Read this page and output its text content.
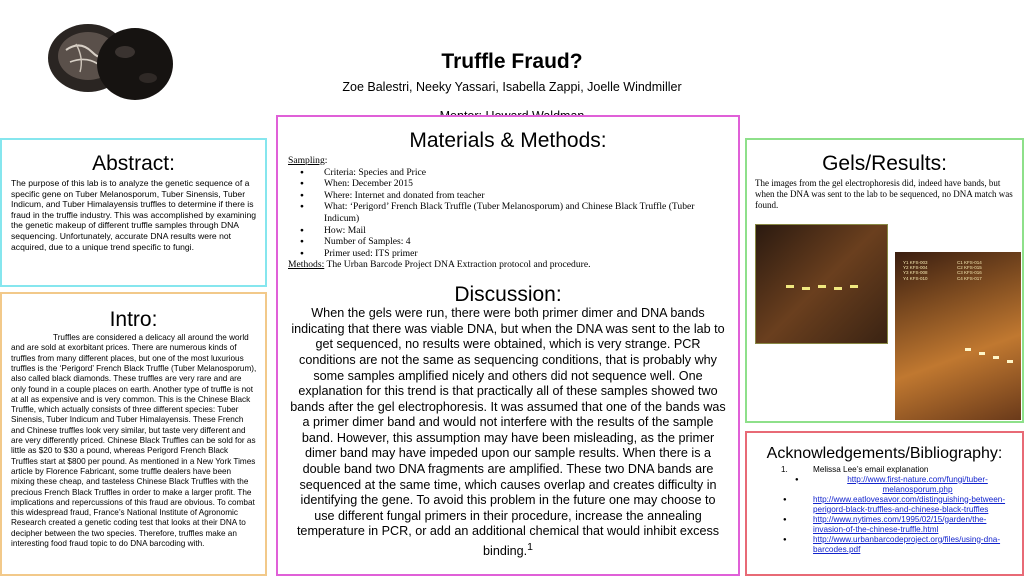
Truffle Fraud?
Zoe Balestri, Neeky Yassari, Isabella Zappi, Joelle Windmiller
Abstract:

The purpose of this lab is to analyze the genetic sequence of a specific gene on Tuber Melanosporum, Tuber Sinensis, Tuber Indicum, and Tuber Himalayensis truffles to determine if there is fraud in the truffle industry. This was accomplished by examining the genetic makeup of different truffle samples through DNA sequencing. Unfortunately, accurate DNA results were not acquired, due to a unique trend specific to fungi.

Intro:

Truffles are considered a delicacy all around the world and are sold at exorbitant prices. There are numerous kinds of truffles from many different places, but one of the most luxurious truffles is the ‘Perigord’ French Black Truffle (Tuber Melanosporum), also called black diamonds. These truffles are very rare and are only found in a couple places on earth. Another type of truffle is not at all as expensive and is very common. This is the Chinese Black Truffle, which actually consists of three different species: Tuber Sinensis, Tuber Indicum and Tuber Himalayensis. These French and Chinese truffles look very similar, but taste very different and are very differently priced. Chinese Black Truffles can be sold for as little as $20 to $30 a pound, whereas Perigord French Black Truffles start at $800 per pound. As mentioned in a New York Times article by Florence Fabricant, some truffle dealers have been mixing these cheap, and tasteless Chinese Black Truffles with the precious French Black Truffles in order to make a larger profit. The implications and repercussions of this fraud are obvious. To combat this widespread fraud, France’s National Institute of Agronomic Research created a genetic coding test that looks at their DNA to decipher between the two species. Therefore, truffles make an interesting food fraud topic to do DNA barcoding with.

Materials & Methods:
Sampling:
● Criteria: Species and Price
● When: December 2015
● Where: Internet and donated from teacher
● What: ‘Perigord’ French Black Truffle (Tuber Melanosporum) and Chinese Black Truffle (Tuber Indicum)
● How: Mail
● Number of Samples: 4
● Primer used: ITS primer
Methods: The Urban Barcode Project DNA Extraction protocol and procedure.
Discussion:

When the gels were run, there were both primer dimer and DNA bands indicating that there was viable DNA, but when the DNA was sent to the lab to get sequenced, no results were obtained, which is very strange. PCR conditions are not the same as sequencing conditions, that is probably why some samples amplified nicely and others did not sequence well. One explanation for this trend is that practically all of these samples showed two bands after the gel electrophoresis. It was assumed that one of the bands was a primer dimer band and would not interfere with the results of the sample band. However, this assumption may have been misleading, as the primer dimer band may have impeded upon our sample results. When there is a double band two DNA fragments are amplified. These two DNA bands are sequenced at the same time, which causes overlap and creates difficulty in identifying the gene. To avoid this problem in the future one may choose to use different fungal primers in their procedure, increase the annealing temperature in PCR, or add an additional chemical that would inhibit excess binding.$^1$

Gels/Results:

The images from the gel electrophoresis did, indeed have bands, but when the DNA was sent to the lab to be sequenced, no DNA match was found.

Y1 KFS-003
Y2 KFS-004
Y3 KFS-008
Y4 KFS-010
C1 KFS-014
C2 KFS-015
C3 KFS-016
C4 KFS-017
Acknowledgements/Bibliography:
1.	Melissa Lee’s email explanation
● http://www.first-nature.com/fungi/tuber-melanosporum.php
● http://www.eatlovesavor.com/distinguishing-between-perigord-black-truffles-and-chinese-black-truffles
● http://www.nytimes.com/1995/02/15/garden/the-invasion-of-the-chinese-truffle.html
● http://www.urbanbarcodeproject.org/files/using-dna-barcodes.pdf
